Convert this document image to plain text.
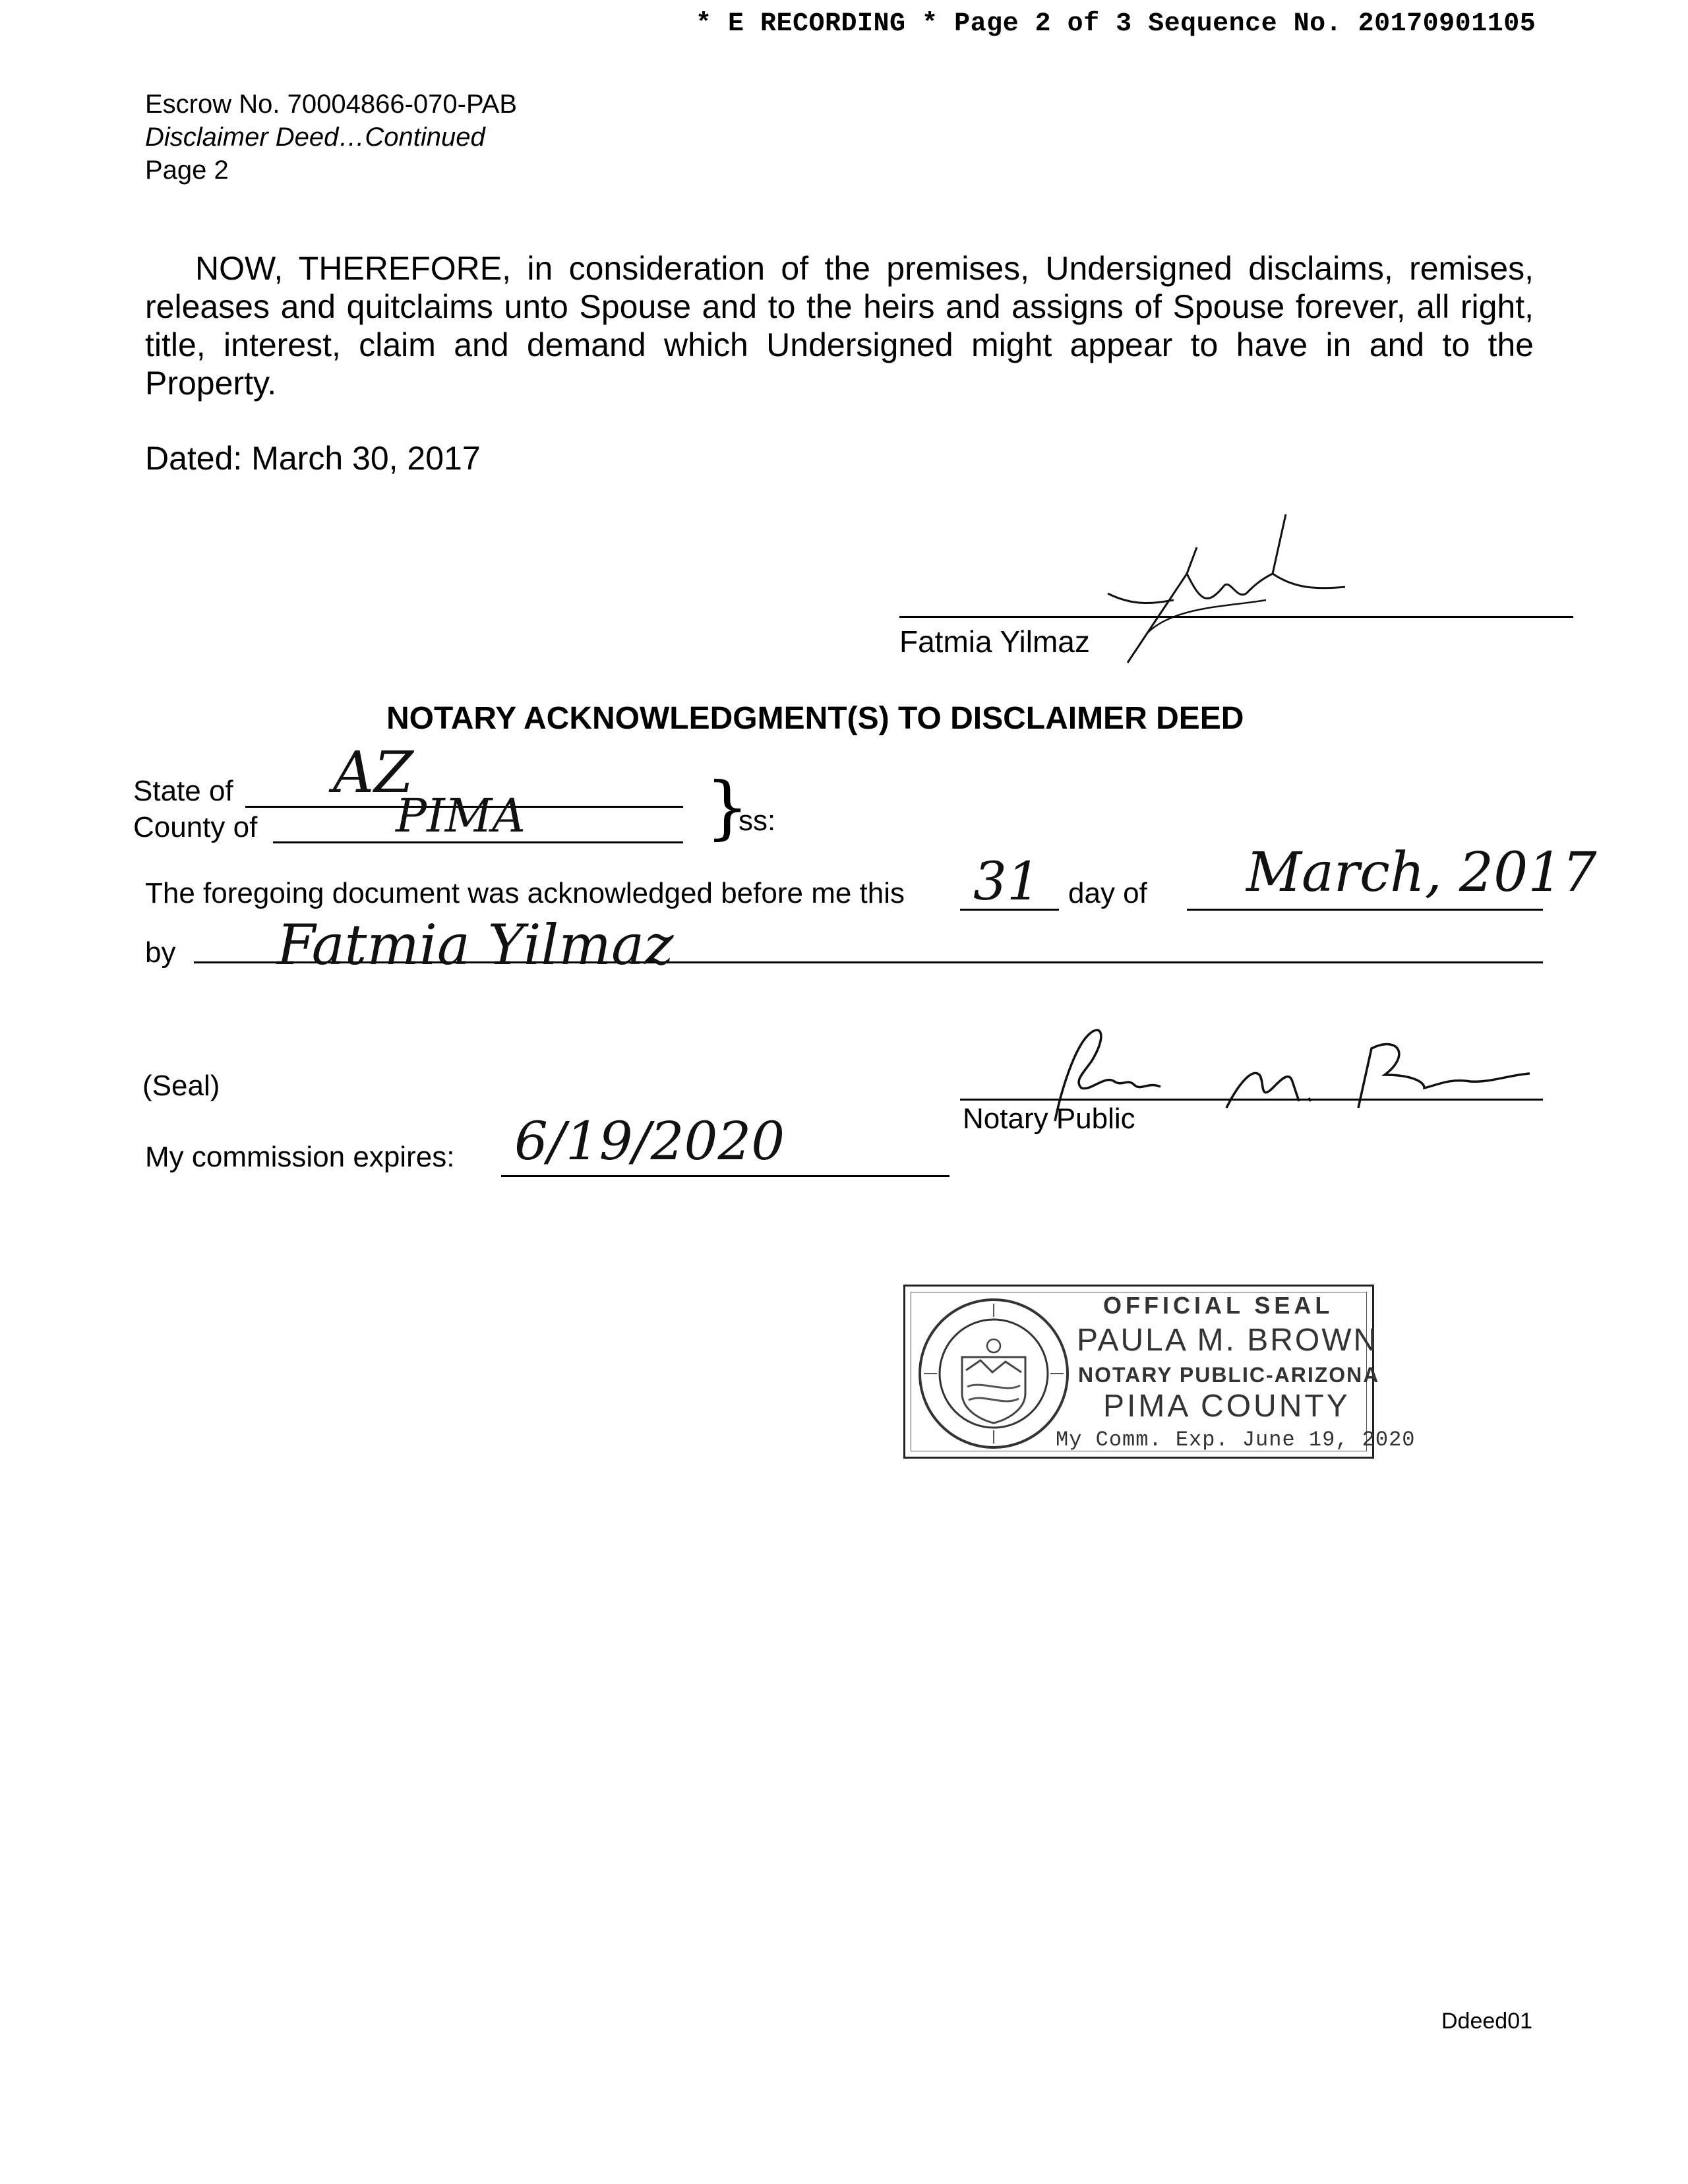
* E RECORDING * Page 2 of 3 Sequence No. 20170901105
Escrow No. 70004866-070-PAB
Disclaimer Deed…Continued
Page 2
NOW, THEREFORE, in consideration of the premises, Undersigned disclaims, remises, releases and quitclaims unto Spouse and to the heirs and assigns of Spouse forever, all right, title, interest, claim and demand which Undersigned might appear to have in and to the Property.
Dated: March 30, 2017
Fatmia Yilmaz
NOTARY ACKNOWLEDGMENT(S) TO DISCLAIMER DEED
State of AZ
County of	PIMA	}
ss:
The foregoing document was acknowledged before me this 31 day of March, 2017
by Fatmia Yilmaz
(Seal)
Notary Public
My commission expires: 6/19/2020
OFFICIAL SEAL
PAULA M. BROWN
NOTARY PUBLIC-ARIZONA
PIMA COUNTY
My Comm. Exp. June 19, 2020
Ddeed01
